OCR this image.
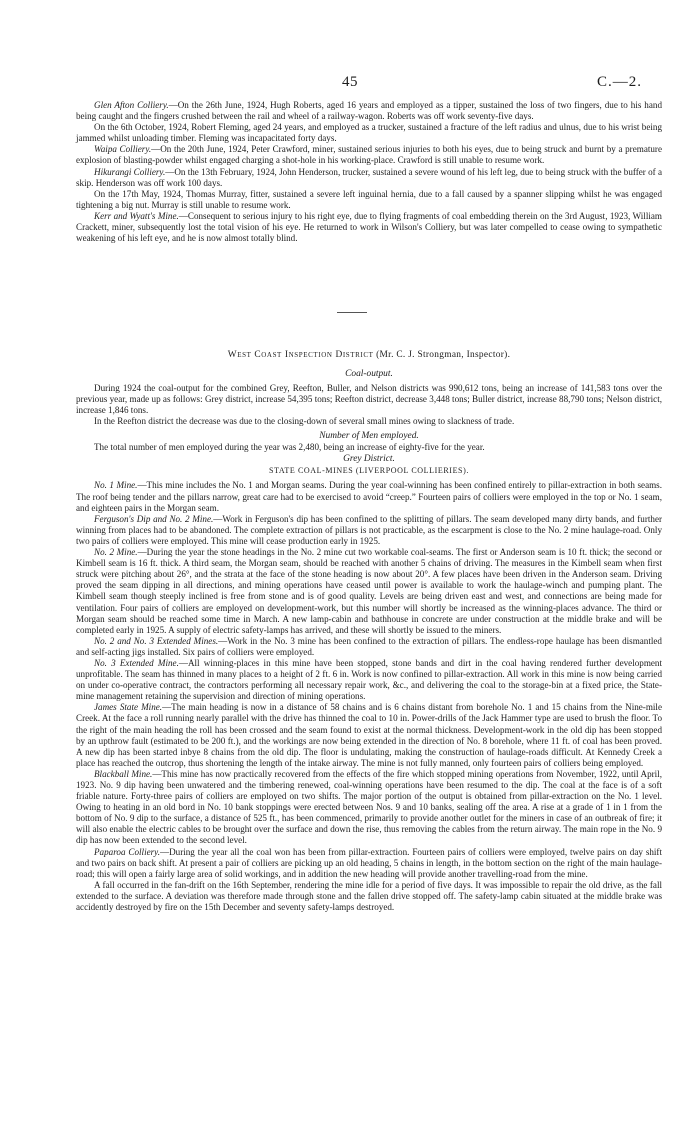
45	C.—2.

Glen Afton Colliery.—On the 26th June, 1924, Hugh Roberts, aged 16 years and employed as a tipper, sustained the loss of two fingers, due to his hand being caught and the fingers crushed between the rail and wheel of a railway-wagon. Roberts was off work seventy-five days.

On the 6th October, 1924, Robert Fleming, aged 24 years, and employed as a trucker, sustained a fracture of the left radius and ulnus, due to his wrist being jammed whilst unloading timber. Fleming was incapacitated forty days.

Waipa Colliery.—On the 20th June, 1924, Peter Crawford, miner, sustained serious injuries to both his eyes, due to being struck and burnt by a premature explosion of blasting-powder whilst engaged charging a shot-hole in his working-place. Crawford is still unable to resume work.

Hikurangi Colliery.—On the 13th February, 1924, John Henderson, trucker, sustained a severe wound of his left leg, due to being struck with the buffer of a skip. Henderson was off work 100 days.

On the 17th May, 1924, Thomas Murray, fitter, sustained a severe left inguinal hernia, due to a fall caused by a spanner slipping whilst he was engaged tightening a big nut. Murray is still unable to resume work.

Kerr and Wyatt's Mine.—Consequent to serious injury to his right eye, due to flying fragments of coal embedding therein on the 3rd August, 1923, William Crackett, miner, subsequently lost the total vision of his eye. He returned to work in Wilson's Colliery, but was later compelled to cease owing to sympathetic weakening of his left eye, and he is now almost totally blind.

West Coast Inspection District (Mr. C. J. Strongman, Inspector).
Coal-output.

During 1924 the coal-output for the combined Grey, Reefton, Buller, and Nelson districts was 990,612 tons, being an increase of 141,583 tons over the previous year, made up as follows: Grey district, increase 54,395 tons; Reefton district, decrease 3,448 tons; Buller district, increase 88,790 tons; Nelson district, increase 1,846 tons.

In the Reefton district the decrease was due to the closing-down of several small mines owing to slackness of trade.

Number of Men employed.

The total number of men employed during the year was 2,480, being an increase of eighty-five for the year.

Grey District.
STATE COAL-MINES (LIVERPOOL COLLIERIES).

No. 1 Mine.—This mine includes the No. 1 and Morgan seams. During the year coal-winning has been confined entirely to pillar-extraction in both seams. The roof being tender and the pillars narrow, great care had to be exercised to avoid “creep.” Fourteen pairs of colliers were employed in the top or No. 1 seam, and eighteen pairs in the Morgan seam.

Ferguson's Dip and No. 2 Mine.—Work in Ferguson's dip has been confined to the splitting of pillars. The seam developed many dirty bands, and further winning from places had to be abandoned. The complete extraction of pillars is not practicable, as the escarpment is close to the No. 2 mine haulage-road. Only two pairs of colliers were employed. This mine will cease production early in 1925.

No. 2 Mine.—During the year the stone headings in the No. 2 mine cut two workable coal-seams. The first or Anderson seam is 10 ft. thick; the second or Kimbell seam is 16 ft. thick. A third seam, the Morgan seam, should be reached with another 5 chains of driving. The measures in the Kimbell seam when first struck were pitching about 26°, and the strata at the face of the stone heading is now about 20°. A few places have been driven in the Anderson seam. Driving proved the seam dipping in all directions, and mining operations have ceased until power is available to work the haulage-winch and pumping plant. The Kimbell seam though steeply inclined is free from stone and is of good quality. Levels are being driven east and west, and connections are being made for ventilation. Four pairs of colliers are employed on development-work, but this number will shortly be increased as the winning-places advance. The third or Morgan seam should be reached some time in March. A new lamp-cabin and bathhouse in concrete are under construction at the middle brake and will be completed early in 1925. A supply of electric safety-lamps has arrived, and these will shortly be issued to the miners.

No. 2 and No. 3 Extended Mines.—Work in the No. 3 mine has been confined to the extraction of pillars. The endless-rope haulage has been dismantled and self-acting jigs installed. Six pairs of colliers were employed.

No. 3 Extended Mine.—All winning-places in this mine have been stopped, stone bands and dirt in the coal having rendered further development unprofitable. The seam has thinned in many places to a height of 2 ft. 6 in. Work is now confined to pillar-extraction. All work in this mine is now being carried on under co-operative contract, the contractors performing all necessary repair work, &c., and delivering the coal to the storage-bin at a fixed price, the State-mine management retaining the supervision and direction of mining operations.

James State Mine.—The main heading is now in a distance of 58 chains and is 6 chains distant from borehole No. 1 and 15 chains from the Nine-mile Creek. At the face a roll running nearly parallel with the drive has thinned the coal to 10 in. Power-drills of the Jack Hammer type are used to brush the floor. To the right of the main heading the roll has been crossed and the seam found to exist at the normal thickness. Development-work in the old dip has been stopped by an upthrow fault (estimated to be 200 ft.), and the workings are now being extended in the direction of No. 8 borehole, where 11 ft. of coal has been proved. A new dip has been started inbye 8 chains from the old dip. The floor is undulating, making the construction of haulage-roads difficult. At Kennedy Creek a place has reached the outcrop, thus shortening the length of the intake airway. The mine is not fully manned, only fourteen pairs of colliers being employed.

Blackball Mine.—This mine has now practically recovered from the effects of the fire which stopped mining operations from November, 1922, until April, 1923. No. 9 dip having been unwatered and the timbering renewed, coal-winning operations have been resumed to the dip. The coal at the face is of a soft friable nature. Forty-three pairs of colliers are employed on two shifts. The major portion of the output is obtained from pillar-extraction on the No. 1 level. Owing to heating in an old bord in No. 10 bank stoppings were erected between Nos. 9 and 10 banks, sealing off the area. A rise at a grade of 1 in 1 from the bottom of No. 9 dip to the surface, a distance of 525 ft., has been commenced, primarily to provide another outlet for the miners in case of an outbreak of fire; it will also enable the electric cables to be brought over the surface and down the rise, thus removing the cables from the return airway. The main rope in the No. 9 dip has now been extended to the second level.

Paparoa Colliery.—During the year all the coal won has been from pillar-extraction. Fourteen pairs of colliers were employed, twelve pairs on day shift and two pairs on back shift. At present a pair of colliers are picking up an old heading, 5 chains in length, in the bottom section on the right of the main haulage-road; this will open a fairly large area of solid workings, and in addition the new heading will provide another travelling-road from the mine.

A fall occurred in the fan-drift on the 16th September, rendering the mine idle for a period of five days. It was impossible to repair the old drive, as the fall extended to the surface. A deviation was therefore made through stone and the fallen drive stopped off. The safety-lamp cabin situated at the middle brake was accidently destroyed by fire on the 15th December and seventy safety-lamps destroyed.
